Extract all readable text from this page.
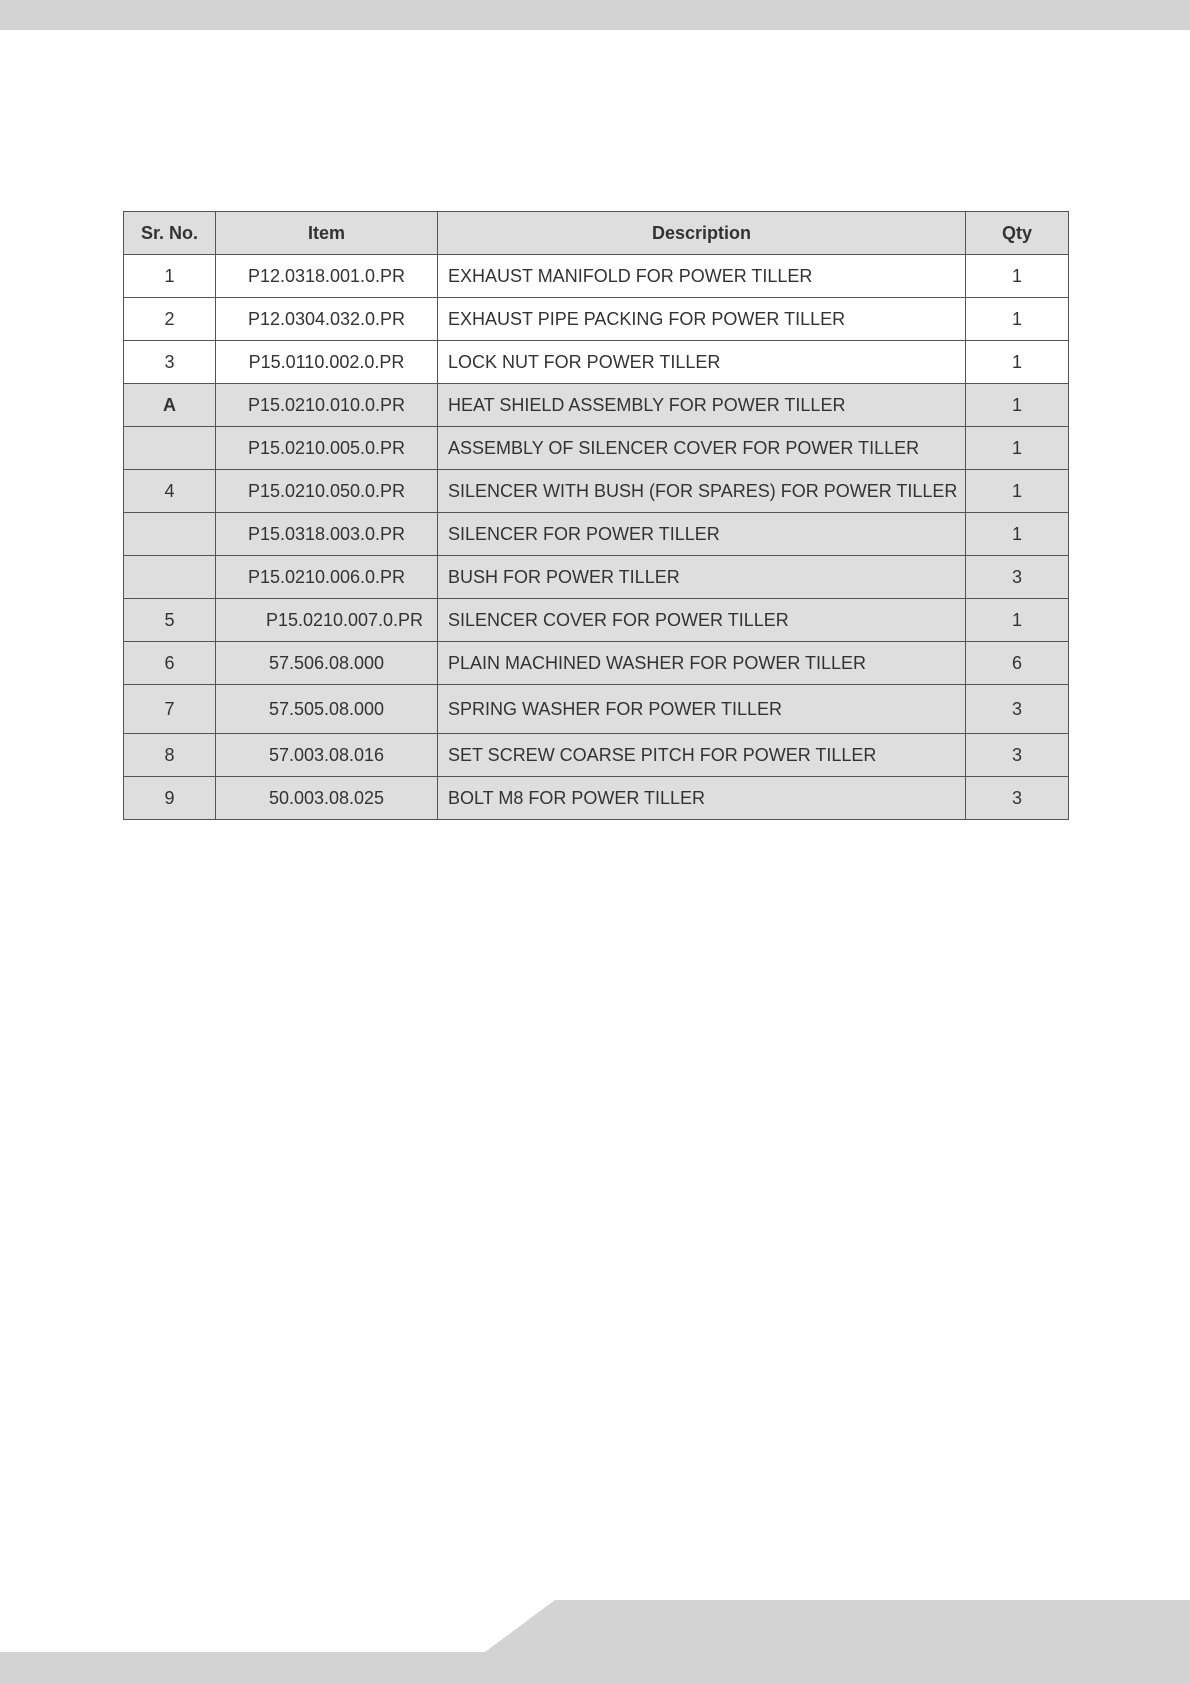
Sr. No.	Item	Description	Qty
1	P12.0318.001.0.PR	EXHAUST MANIFOLD FOR POWER TILLER	1
2	P12.0304.032.0.PR	EXHAUST PIPE PACKING FOR POWER TILLER	1
3	P15.0110.002.0.PR	LOCK NUT FOR POWER TILLER	1
A	P15.0210.010.0.PR	HEAT SHIELD ASSEMBLY FOR POWER TILLER	1
	P15.0210.005.0.PR	ASSEMBLY OF SILENCER COVER FOR POWER TILLER	1
4	P15.0210.050.0.PR	SILENCER WITH BUSH (FOR SPARES) FOR POWER TILLER	1
	P15.0318.003.0.PR	SILENCER FOR POWER TILLER	1
	P15.0210.006.0.PR	BUSH FOR POWER TILLER	3
5	P15.0210.007.0.PR	SILENCER COVER FOR POWER TILLER	1
6	57.506.08.000	PLAIN MACHINED WASHER FOR POWER TILLER	6
7	57.505.08.000	SPRING WASHER FOR POWER TILLER	3
8	57.003.08.016	SET SCREW COARSE PITCH FOR POWER TILLER	3
9	50.003.08.025	BOLT M8 FOR POWER TILLER	3
